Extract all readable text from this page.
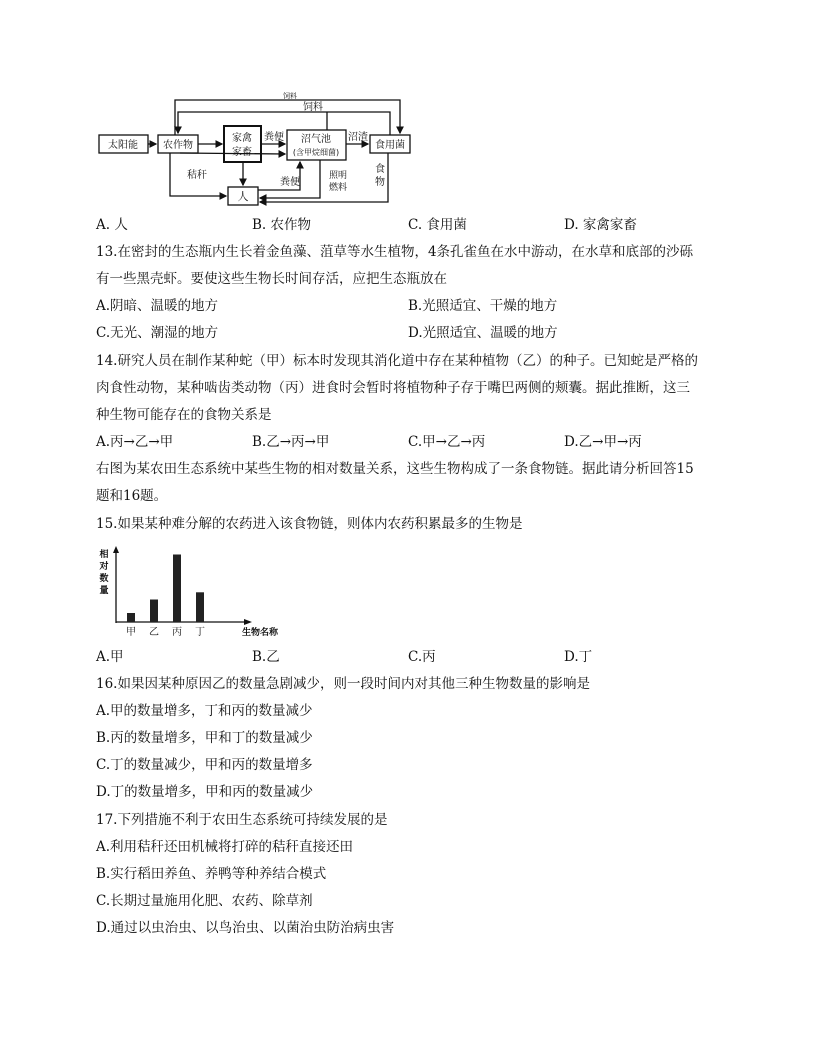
饲料
饲料
太阳能	农作物
家禽
家畜
粪便 沼气池
(含甲烷细菌)
沼渣
食用菌
秸秆
粪便
人
照明
燃料
食
物
A. 人	B. 农作物	C. 食用菌	D. 家禽家畜
13.在密封的生态瓶内生长着金鱼藻、菹草等水生植物，4条孔雀鱼在水中游动，在水草和底部的沙砾
有一些黑壳虾。要使这些生物长时间存活，应把生态瓶放在
A.阴暗、温暖的地方	B.光照适宜、干燥的地方
C.无光、潮湿的地方	D.光照适宜、温暖的地方
14.研究人员在制作某种蛇（甲）标本时发现其消化道中存在某种植物（乙）的种子。已知蛇是严格的
肉食性动物，某种啮齿类动物（丙）进食时会暂时将植物种子存于嘴巴两侧的颊囊。据此推断，这三
种生物可能存在的食物关系是
A.丙→乙→甲	B.乙→丙→甲	C.甲→乙→丙	D.乙→甲→丙
右图为某农田生态系统中某些生物的相对数量关系，这些生物构成了一条食物链。据此请分析回答15
题和16题。
15.如果某种难分解的农药进入该食物链，则体内农药积累最多的生物是
相
对
数
量
甲 乙 丙 丁	生物名称
A.甲	B.乙	C.丙	D.丁
16.如果因某种原因乙的数量急剧减少，则一段时间内对其他三种生物数量的影响是
A.甲的数量增多，丁和丙的数量减少
B.丙的数量增多，甲和丁的数量减少
C.丁的数量减少，甲和丙的数量增多
D.丁的数量增多，甲和丙的数量减少
17.下列措施不利于农田生态系统可持续发展的是
A.利用秸秆还田机械将打碎的秸秆直接还田
B.实行稻田养鱼、养鸭等种养结合模式
C.长期过量施用化肥、农药、除草剂
D.通过以虫治虫、以鸟治虫、以菌治虫防治病虫害
